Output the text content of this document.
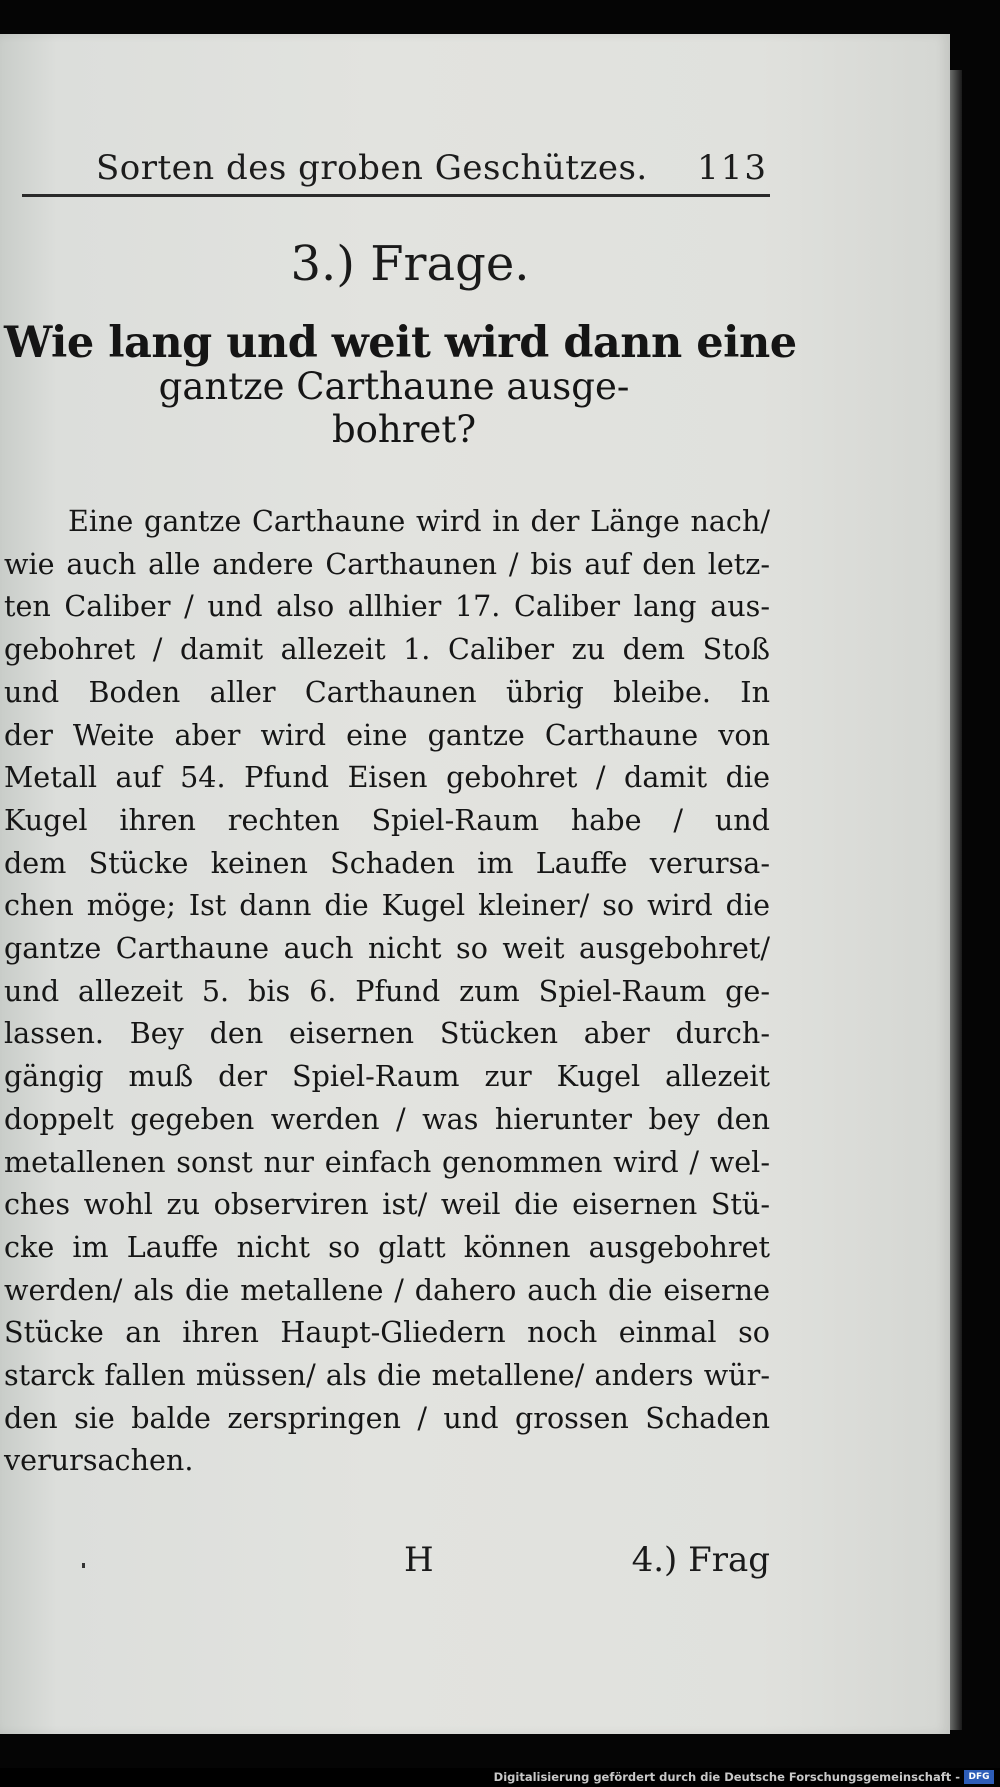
Sorten des groben Geschützes. 113
3.) Frage.
Wie lang und weit wird dann eine
gantze Carthaune ausge-
bohret?
Eine gantze Carthaune wird in der Länge nach/
wie auch alle andere Carthaunen / bis auf den letz-
ten Caliber / und also allhier 17. Caliber lang aus-
gebohret / damit allezeit 1. Caliber zu dem Stoß
und Boden aller Carthaunen übrig bleibe. In
der Weite aber wird eine gantze Carthaune von
Metall auf 54. Pfund Eisen gebohret / damit die
Kugel ihren rechten Spiel-Raum habe / und
dem Stücke keinen Schaden im Lauffe verursa-
chen möge; Ist dann die Kugel kleiner/ so wird die
gantze Carthaune auch nicht so weit ausgebohret/
und allezeit 5. bis 6. Pfund zum Spiel-Raum ge-
lassen. Bey den eisernen Stücken aber durch-
gängig muß der Spiel-Raum zur Kugel allezeit
doppelt gegeben werden / was hierunter bey den
metallenen sonst nur einfach genommen wird / wel-
ches wohl zu observiren ist/ weil die eisernen Stü-
cke im Lauffe nicht so glatt können ausgebohret
werden/ als die metallene / dahero auch die eiserne
Stücke an ihren Haupt-Gliedern noch einmal so
starck fallen müssen/ als die metallene/ anders wür-
den sie balde zerspringen / und grossen Schaden
verursachen.
H	4.) Frag
Digitalisierung gefördert durch die Deutsche Forschungsgemeinschaft - DFG
